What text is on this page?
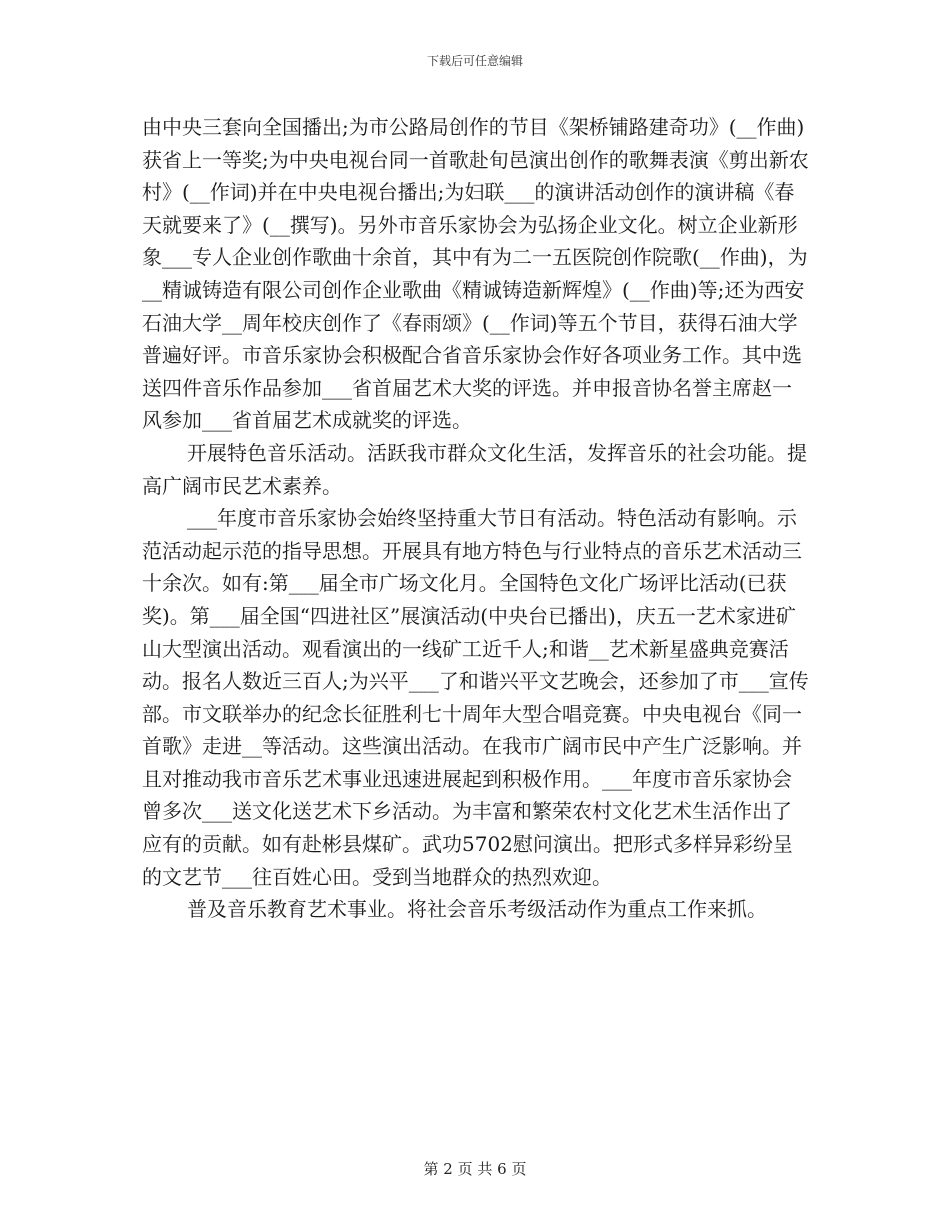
下载后可任意编辑

由中央三套向全国播出;为市公路局创作的节目《架桥铺路建奇功》(__作曲)获省上一等奖;为中央电视台同一首歌赴旬邑演出创作的歌舞表演《剪出新农村》(__作词)并在中央电视台播出;为妇联___的演讲活动创作的演讲稿《春天就要来了》(__撰写)。另外市音乐家协会为弘扬企业文化。树立企业新形象___专人企业创作歌曲十余首，其中有为二一五医院创作院歌(__作曲)，为__精诚铸造有限公司创作企业歌曲《精诚铸造新辉煌》(__作曲)等;还为西安石油大学__周年校庆创作了《春雨颂》(__作词)等五个节目，获得石油大学普遍好评。市音乐家协会积极配合省音乐家协会作好各项业务工作。其中选送四件音乐作品参加___省首届艺术大奖的评选。并申报音协名誉主席赵一风参加___省首届艺术成就奖的评选。

开展特色音乐活动。活跃我市群众文化生活，发挥音乐的社会功能。提高广阔市民艺术素养。

___年度市音乐家协会始终坚持重大节日有活动。特色活动有影响。示范活动起示范的指导思想。开展具有地方特色与行业特点的音乐艺术活动三十余次。如有:第___届全市广场文化月。全国特色文化广场评比活动(已获奖)。第___届全国“四进社区”展演活动(中央台已播出)，庆五一艺术家进矿山大型演出活动。观看演出的一线矿工近千人;和谐__艺术新星盛典竞赛活动。报名人数近三百人;为兴平___了和谐兴平文艺晚会，还参加了市___宣传部。市文联举办的纪念长征胜利七十周年大型合唱竞赛。中央电视台《同一首歌》走进__等活动。这些演出活动。在我市广阔市民中产生广泛影响。并且对推动我市音乐艺术事业迅速进展起到积极作用。___年度市音乐家协会曾多次___送文化送艺术下乡活动。为丰富和繁荣农村文化艺术生活作出了应有的贡献。如有赴彬县煤矿。武功5702慰问演出。把形式多样异彩纷呈的文艺节___往百姓心田。受到当地群众的热烈欢迎。

普及音乐教育艺术事业。将社会音乐考级活动作为重点工作来抓。

第 2 页 共 6 页
